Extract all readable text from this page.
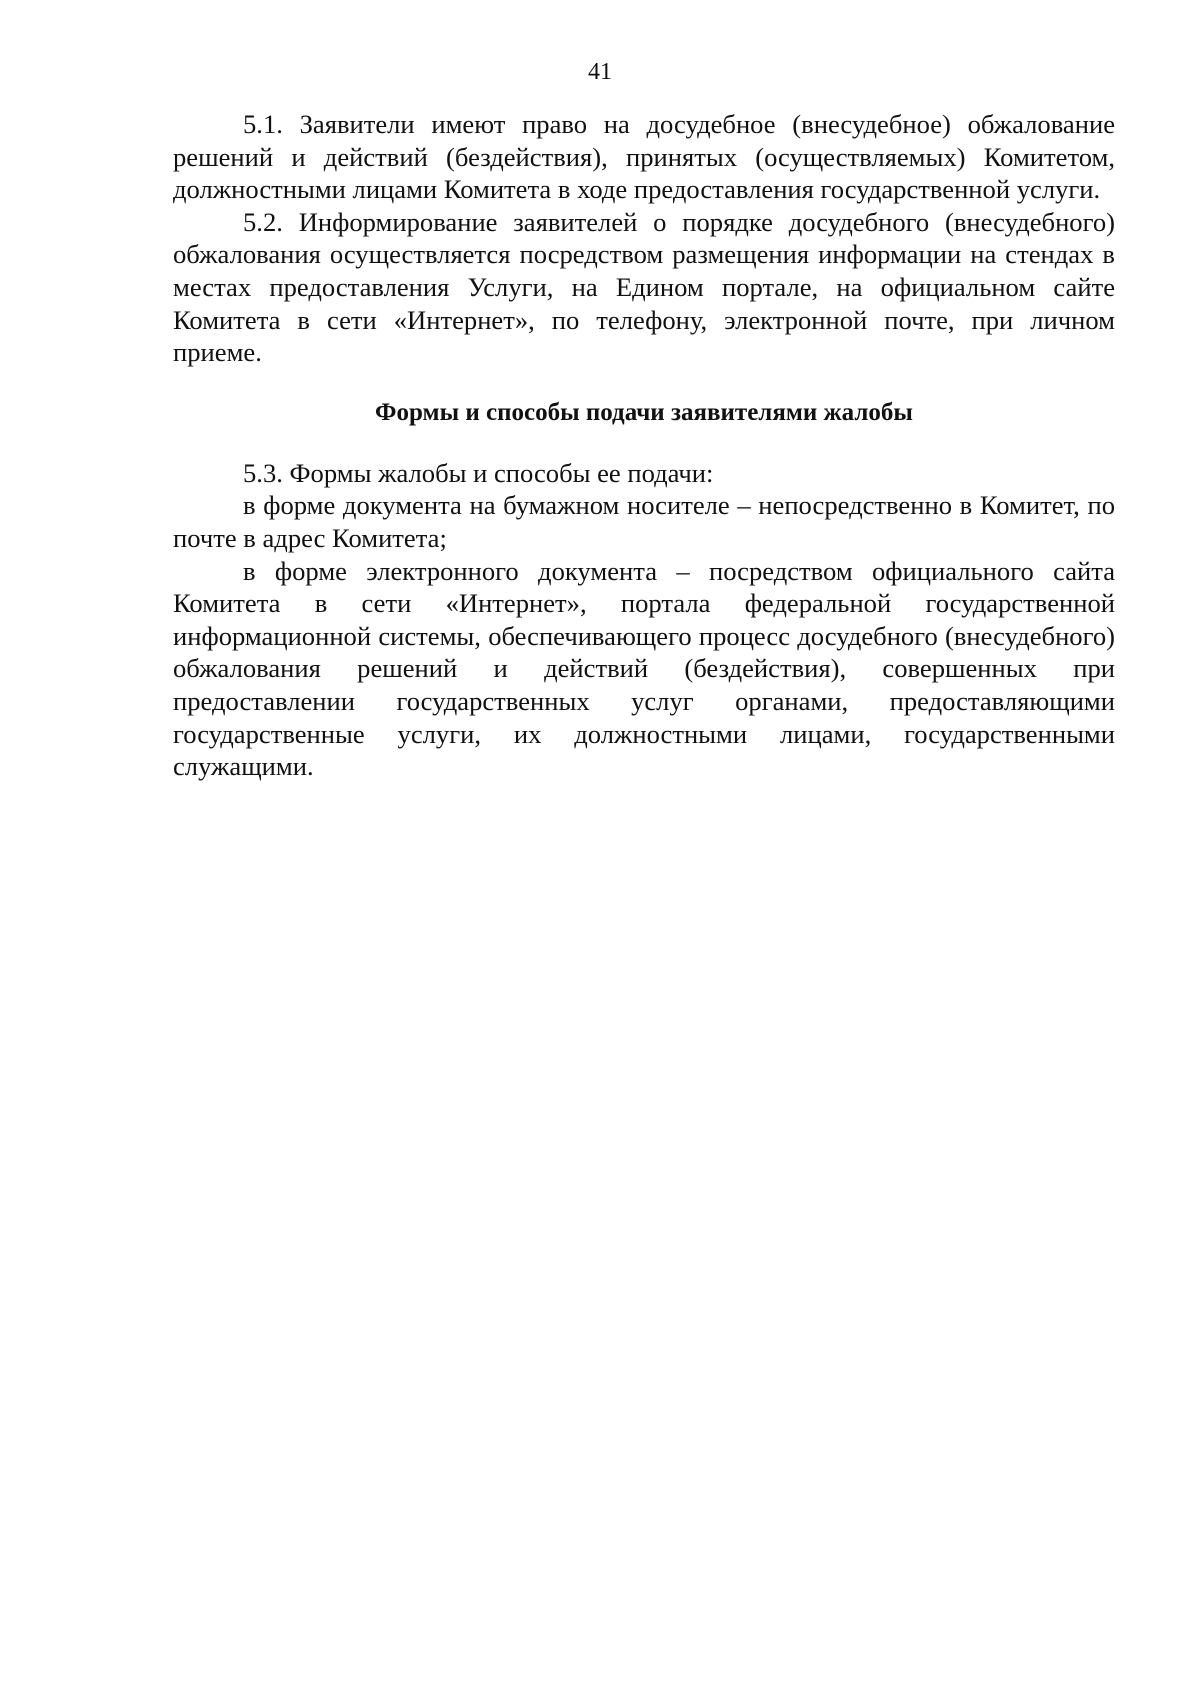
41

5.1. Заявители имеют право на досудебное (внесудебное) обжалование решений и действий (бездействия), принятых (осуществляемых) Комитетом, должностными лицами Комитета в ходе предоставления государственной услуги.

5.2. Информирование заявителей о порядке досудебного (внесудебного) обжалования осуществляется посредством размещения информации на стендах в местах предоставления Услуги, на Едином портале, на официальном сайте Комитета в сети «Интернет», по телефону, электронной почте, при личном приеме.

Формы и способы подачи заявителями жалобы

5.3. Формы жалобы и способы ее подачи:

в форме документа на бумажном носителе – непосредственно в Комитет, по почте в адрес Комитета;

в форме электронного документа – посредством официального сайта Комитета в сети «Интернет», портала федеральной государственной информационной системы, обеспечивающего процесс досудебного (внесудебного) обжалования решений и действий (бездействия), совершенных при предоставлении государственных услуг органами, предоставляющими государственные услуги, их должностными лицами, государственными служащими.
